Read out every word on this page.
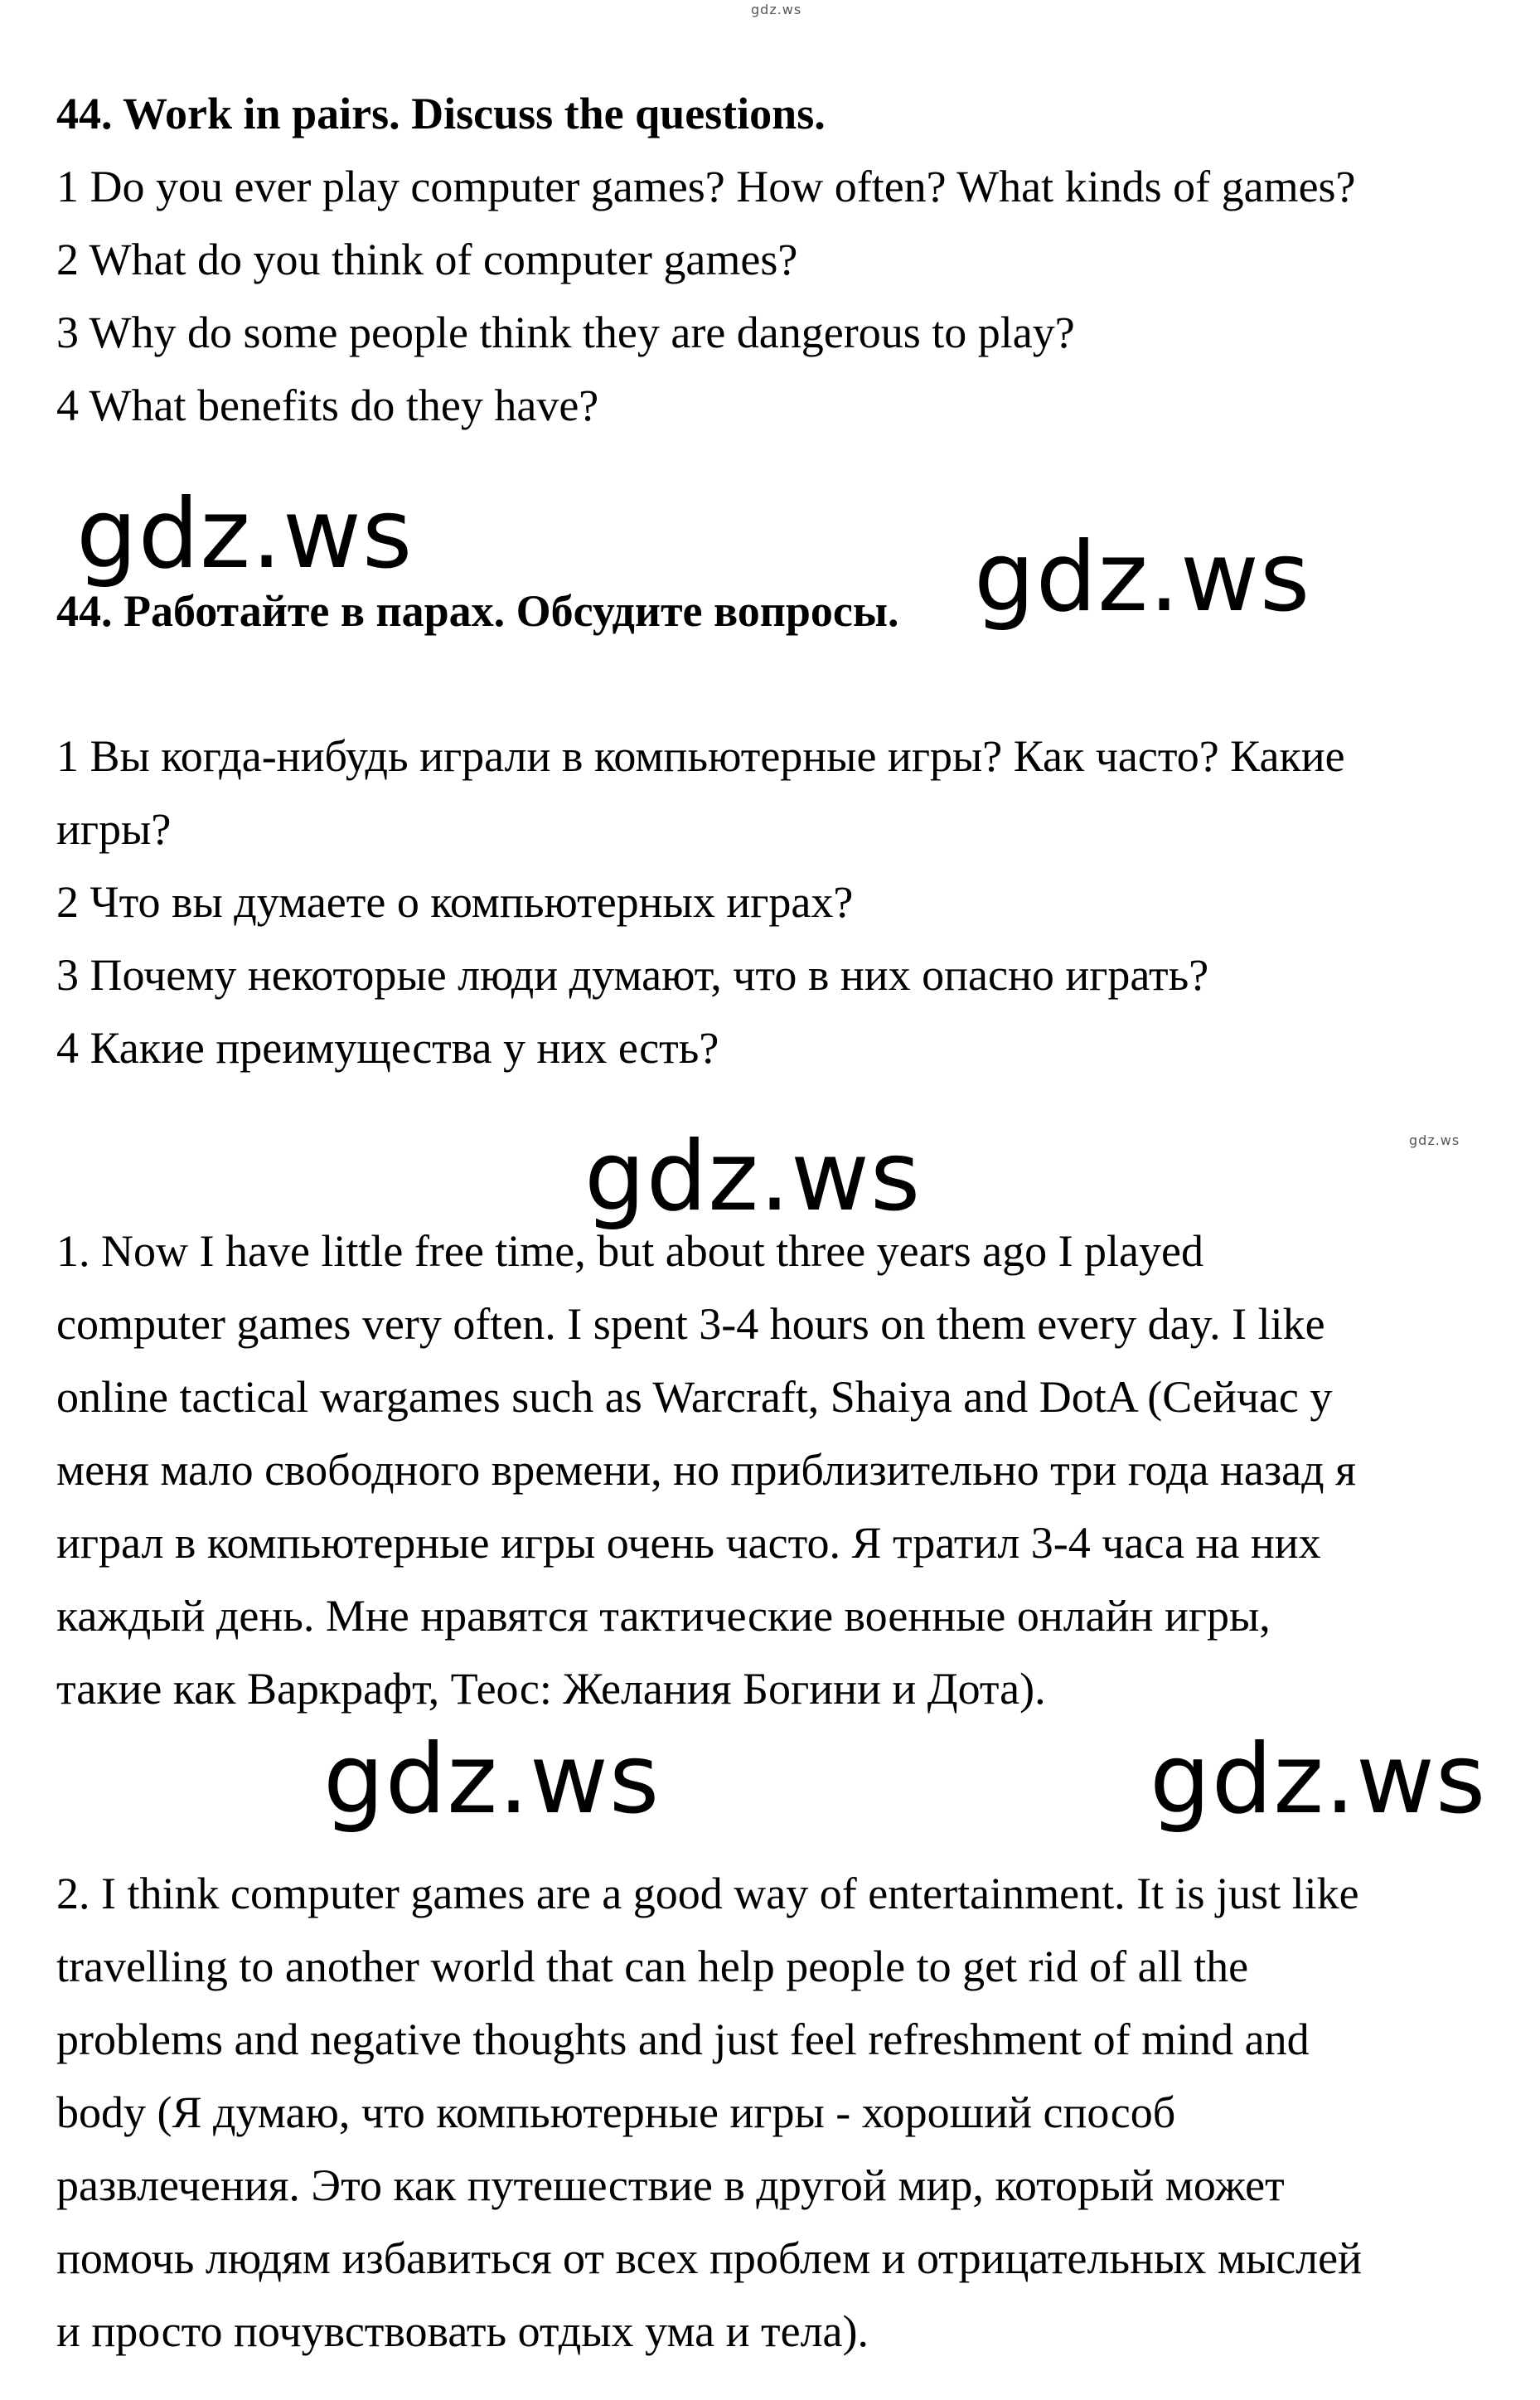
gdz.ws
gdz.ws
44. Work in pairs. Discuss the questions.
1 Do you ever play computer games? How often? What kinds of games?
2 What do you think of computer games?
3 Why do some people think they are dangerous to play?
4 What benefits do they have?
gdz.ws	gdz.ws
44. Работайте в парах. Обсудите вопросы.
1 Вы когда-нибудь играли в компьютерные игры? Как часто? Какие
игры?
2 Что вы думаете о компьютерных играх?
3 Почему некоторые люди думают, что в них опасно играть?
4 Какие преимущества у них есть?
gdz.ws
1. Now I have little free time, but about three years ago I played
computer games very often. I spent 3-4 hours on them every day. I like
online tactical wargames such as Warcraft, Shaiya and DotA (Сейчас у
меня мало свободного времени, но приблизительно три года назад я
играл в компьютерные игры очень часто. Я тратил 3-4 часа на них
каждый день. Мне нравятся тактические военные онлайн игры,
такие как Варкрафт, Теос: Желания Богини и Дота).
gdz.ws	gdz.ws
2. I think computer games are a good way of entertainment. It is just like
travelling to another world that can help people to get rid of all the
problems and negative thoughts and just feel refreshment of mind and
body (Я думаю, что компьютерные игры - хороший способ
развлечения. Это как путешествие в другой мир, который может
помочь людям избавиться от всех проблем и отрицательных мыслей
и просто почувствовать отдых ума и тела).
